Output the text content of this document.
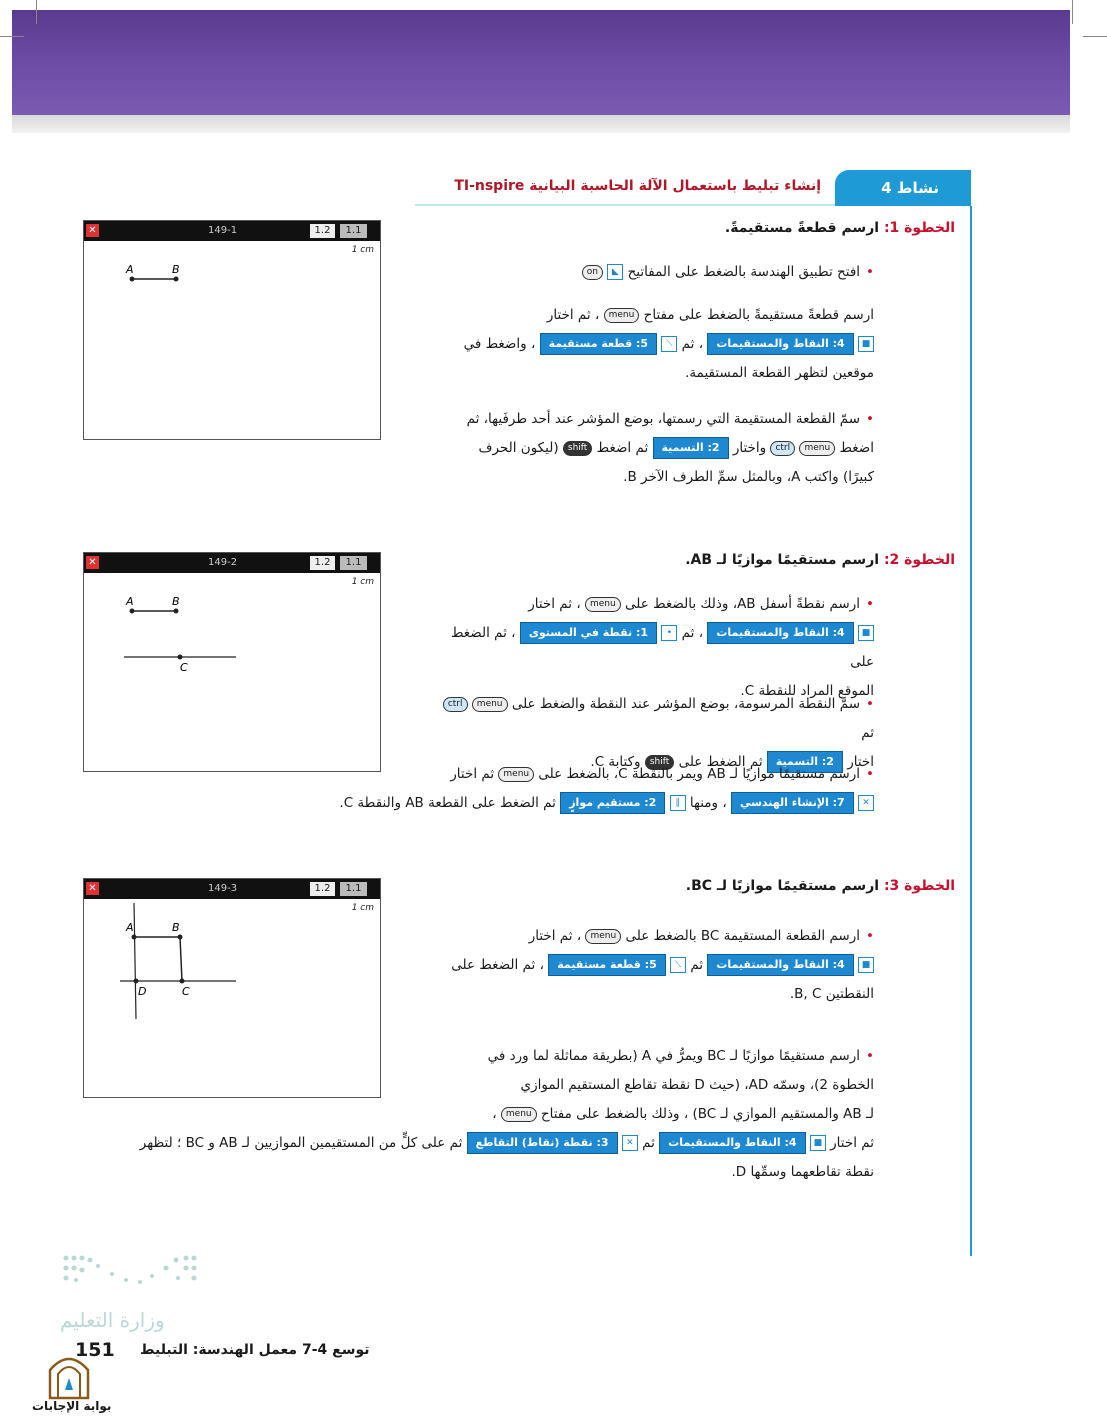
نشاط 4
إنشاء تبليط باستعمال الآلة الحاسبة البيانية TI-nspire
الخطوة 1: ارسم قطعةً مستقيمةً.
•افتح تطبيق الهندسة بالضغط على المفاتيح ◣ on
ارسم قطعةً مستقيمةً بالضغط على مفتاح menu ، ثم اختار
■ 4: النقاط والمستقيمات ، ثم ⟋ 5: قطعة مستقيمة ، واضغط في
موقعين لتظهر القطعة المستقيمة.
•سمّ القطعة المستقيمة التي رسمتها، بوضع المؤشر عند أحد طرفَيها، ثم
اضغط menu ctrl واختار 2: التسمية ثم اضغط shift (ليكون الحرف
كبيرًا) واكتب A، وبالمثل سمِّ الطرف الآخر B.
الخطوة 2: ارسم مستقيمًا موازيًا لـ AB.
•ارسم نقطةً أسفل AB، وذلك بالضغط على menu ، ثم اختار
■ 4: النقاط والمستقيمات ، ثم • 1: نقطة في المستوى ، ثم الضغط على
الموقع المراد للنقطة C.
•سمّ النقطة المرسومة، بوضع المؤشر عند النقطة والضغط على menu ctrl ثم
اختار 2: التسمية ثم الضغط على shift وكتابة C.
•ارسم مستقيمًا موازيًا لـ AB ويمر بالنقطة C، بالضغط على menu ثم اختار
✕ 7: الإنشاء الهندسي ، ومنها ∥ 2: مستقيم موازٍ ثم الضغط على القطعة AB والنقطة C.
الخطوة 3: ارسم مستقيمًا موازيًا لـ BC.
•ارسم القطعة المستقيمة BC بالضغط على menu ، ثم اختار
■ 4: النقاط والمستقيمات ثم ⟋ 5: قطعة مستقيمة ، ثم الضغط على
النقطتين B, C.
•ارسم مستقيمًا موازيًا لـ BC ويمرُّ في A (بطريقة مماثلة لما ورد في
الخطوة 2)، وسمّه AD، (حيث D نقطة تقاطع المستقيم الموازي
لـ AB والمستقيم الموازي لـ BC) ، وذلك بالضغط على مفتاح menu ،
ثم اختار ■ 4: النقاط والمستقيمات ثم ✕ 3: نقطة (نقاط) التقاطع ثم على كلٍّ من المستقيمين الموازيين لـ AB و BC ؛ لتظهر
نقطة تقاطعهما وسمِّها D.
✕	149-1	1.2	1.1
1 cm
A	B
✕	149-2	1.2	1.1
1 cm
A	B
C
✕	149-3	1.2	1.1
1 cm
A	B
D	C
وزارة التعليم
151 توسع 4-7 معمل الهندسة: التبليط
بوابة الإجابات
